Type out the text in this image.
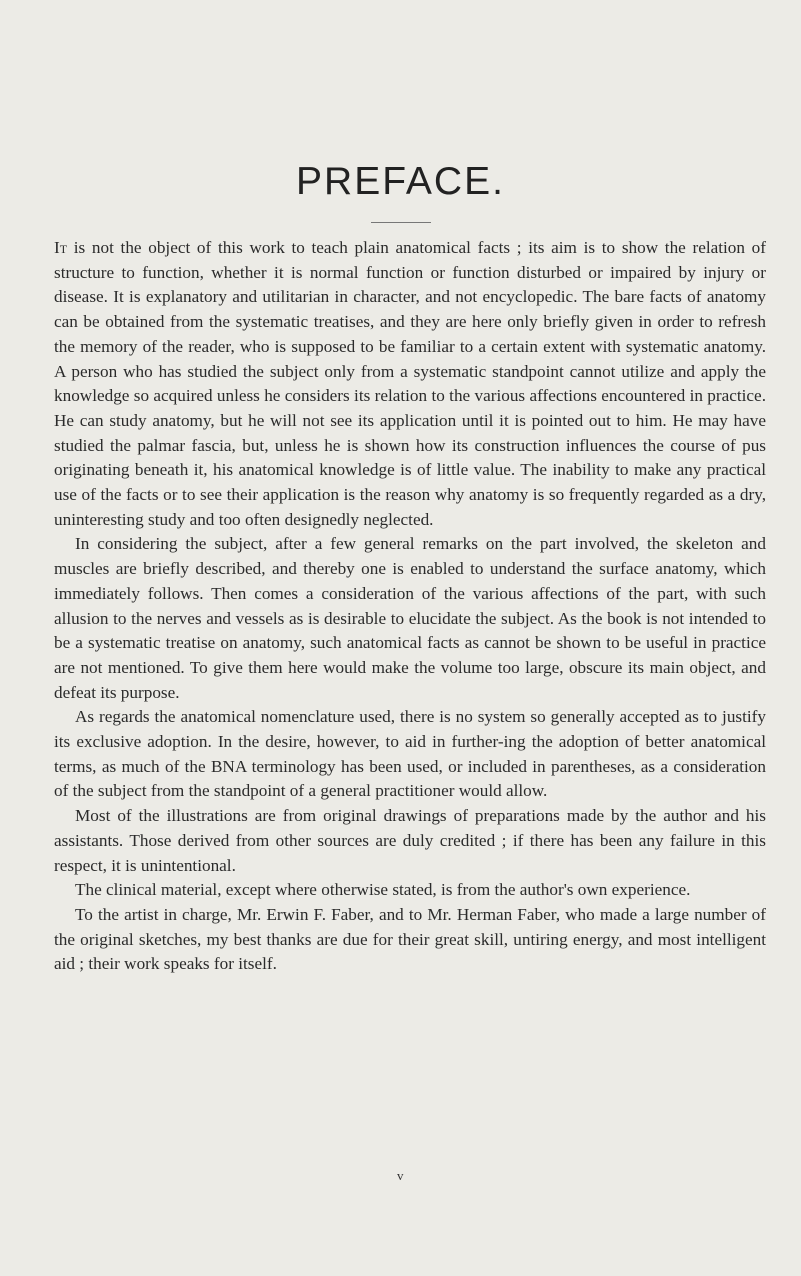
PREFACE.

It is not the object of this work to teach plain anatomical facts ; its aim is to show the relation of structure to function, whether it is normal function or function disturbed or impaired by injury or disease. It is explanatory and utilitarian in character, and not encyclopedic. The bare facts of anatomy can be obtained from the systematic treatises, and they are here only briefly given in order to refresh the memory of the reader, who is supposed to be familiar to a certain extent with systematic anatomy. A person who has studied the subject only from a systematic standpoint cannot utilize and apply the knowledge so acquired unless he considers its relation to the various affections encountered in practice. He can study anatomy, but he will not see its application until it is pointed out to him. He may have studied the palmar fascia, but, unless he is shown how its construction influences the course of pus originating beneath it, his anatomical knowledge is of little value. The inability to make any practical use of the facts or to see their application is the reason why anatomy is so frequently regarded as a dry, uninteresting study and too often designedly neglected.

In considering the subject, after a few general remarks on the part involved, the skeleton and muscles are briefly described, and thereby one is enabled to understand the surface anatomy, which immediately follows. Then comes a consideration of the various affections of the part, with such allusion to the nerves and vessels as is desirable to elucidate the subject. As the book is not intended to be a systematic treatise on anatomy, such anatomical facts as cannot be shown to be useful in practice are not mentioned. To give them here would make the volume too large, obscure its main object, and defeat its purpose.

As regards the anatomical nomenclature used, there is no system so generally accepted as to justify its exclusive adoption. In the desire, however, to aid in further-ing the adoption of better anatomical terms, as much of the BNA terminology has been used, or included in parentheses, as a consideration of the subject from the standpoint of a general practitioner would allow.

Most of the illustrations are from original drawings of preparations made by the author and his assistants. Those derived from other sources are duly credited ; if there has been any failure in this respect, it is unintentional.

The clinical material, except where otherwise stated, is from the author's own experience.

To the artist in charge, Mr. Erwin F. Faber, and to Mr. Herman Faber, who made a large number of the original sketches, my best thanks are due for their great skill, untiring energy, and most intelligent aid ; their work speaks for itself.

v
